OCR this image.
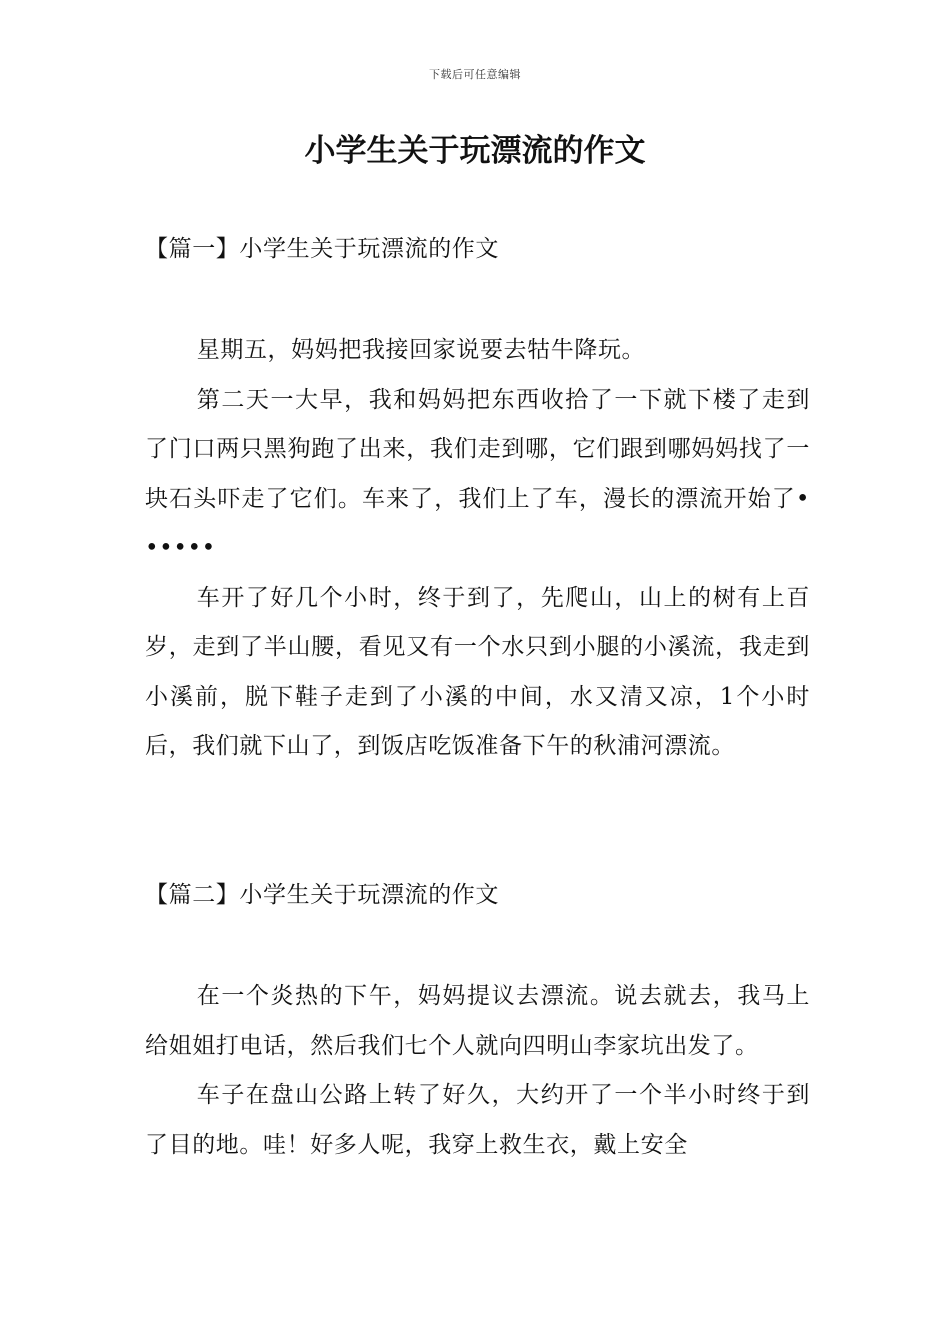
下载后可任意编辑
小学生关于玩漂流的作文
【篇一】小学生关于玩漂流的作文

星期五，妈妈把我接回家说要去牯牛降玩。

第二天一大早，我和妈妈把东西收拾了一下就下楼了走到了门口两只黑狗跑了出来，我们走到哪，它们跟到哪妈妈找了一块石头吓走了它们。车来了，我们上了车，漫长的漂流开始了••••••

车开了好几个小时，终于到了，先爬山，山上的树有上百岁，走到了半山腰，看见又有一个水只到小腿的小溪流，我走到小溪前，脱下鞋子走到了小溪的中间，水又清又凉，1个小时后，我们就下山了，到饭店吃饭准备下午的秋浦河漂流。

【篇二】小学生关于玩漂流的作文

在一个炎热的下午，妈妈提议去漂流。说去就去，我马上给姐姐打电话，然后我们七个人就向四明山李家坑出发了。

车子在盘山公路上转了好久，大约开了一个半小时终于到了目的地。哇！好多人呢，我穿上救生衣，戴上安全
